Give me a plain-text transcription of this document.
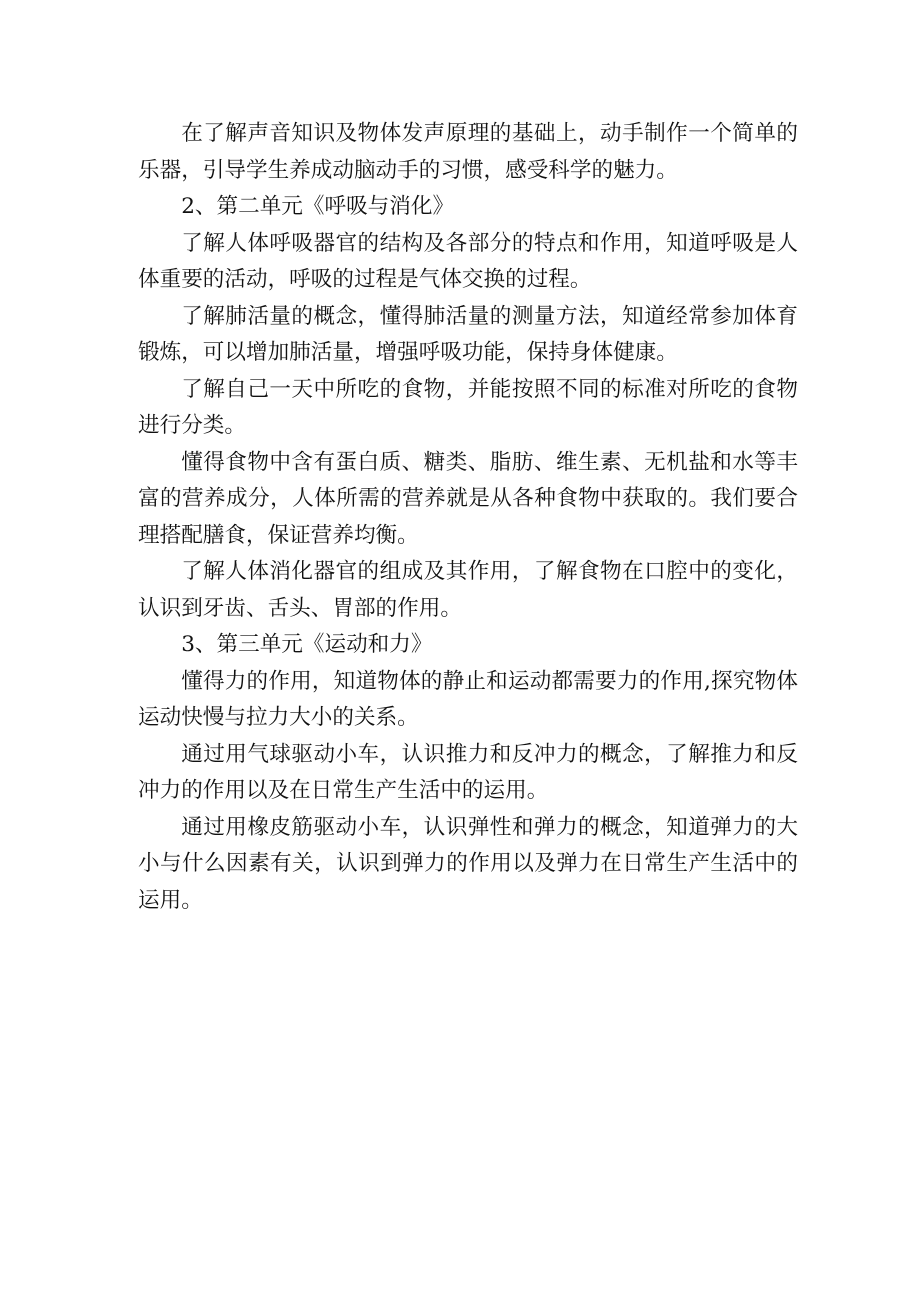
在了解声音知识及物体发声原理的基础上，动手制作一个简单的乐器，引导学生养成动脑动手的习惯，感受科学的魅力。

2、第二单元《呼吸与消化》

了解人体呼吸器官的结构及各部分的特点和作用，知道呼吸是人体重要的活动，呼吸的过程是气体交换的过程。

了解肺活量的概念，懂得肺活量的测量方法，知道经常参加体育锻炼，可以增加肺活量，增强呼吸功能，保持身体健康。

了解自己一天中所吃的食物，并能按照不同的标准对所吃的食物进行分类。

懂得食物中含有蛋白质、糖类、脂肪、维生素、无机盐和水等丰富的营养成分，人体所需的营养就是从各种食物中获取的。我们要合理搭配膳食，保证营养均衡。

了解人体消化器官的组成及其作用，了解食物在口腔中的变化，认识到牙齿、舌头、胃部的作用。

3、第三单元《运动和力》

懂得力的作用，知道物体的静止和运动都需要力的作用,探究物体运动快慢与拉力大小的关系。

通过用气球驱动小车，认识推力和反冲力的概念，了解推力和反冲力的作用以及在日常生产生活中的运用。

通过用橡皮筋驱动小车，认识弹性和弹力的概念，知道弹力的大小与什么因素有关，认识到弹力的作用以及弹力在日常生产生活中的运用。
